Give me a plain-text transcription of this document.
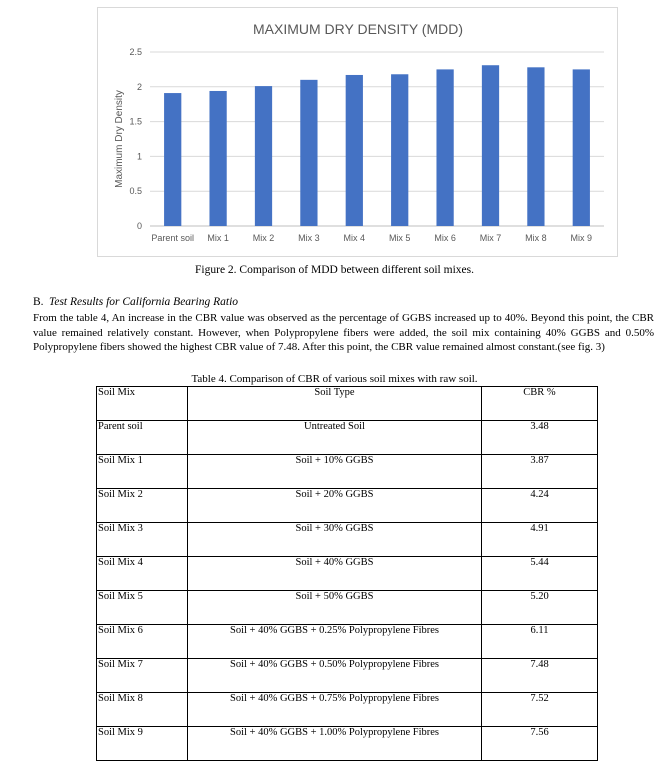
MAXIMUM DRY DENSITY (MDD)
0
0.5
1
1.5
2
2.5
Maximum Dry Density
Parent soil Mix 1	Mix 2	Mix 3	Mix 4	Mix 5	Mix 6	Mix 7	Mix 8	Mix 9
Figure 2. Comparison of MDD between different soil mixes.
B. Test Results for California Bearing Ratio

From the table 4, An increase in the CBR value was observed as the percentage of GGBS increased up to 40%. Beyond this point, the CBR value remained relatively constant. However, when Polypropylene fibers were added, the soil mix containing 40% GGBS and 0.50% Polypropylene fibers showed the highest CBR value of 7.48. After this point, the CBR value remained almost constant.(see fig. 3)

Table 4. Comparison of CBR of various soil mixes with raw soil.
Soil Mix	Soil Type	CBR %
Parent soil	Untreated Soil	3.48
Soil Mix 1	Soil + 10% GGBS	3.87
Soil Mix 2	Soil + 20% GGBS	4.24
Soil Mix 3	Soil + 30% GGBS	4.91
Soil Mix 4	Soil + 40% GGBS	5.44
Soil Mix 5	Soil + 50% GGBS	5.20
Soil Mix 6	Soil + 40% GGBS + 0.25% Polypropylene Fibres	6.11
Soil Mix 7	Soil + 40% GGBS + 0.50% Polypropylene Fibres	7.48
Soil Mix 8	Soil + 40% GGBS + 0.75% Polypropylene Fibres	7.52
Soil Mix 9	Soil + 40% GGBS + 1.00% Polypropylene Fibres	7.56
